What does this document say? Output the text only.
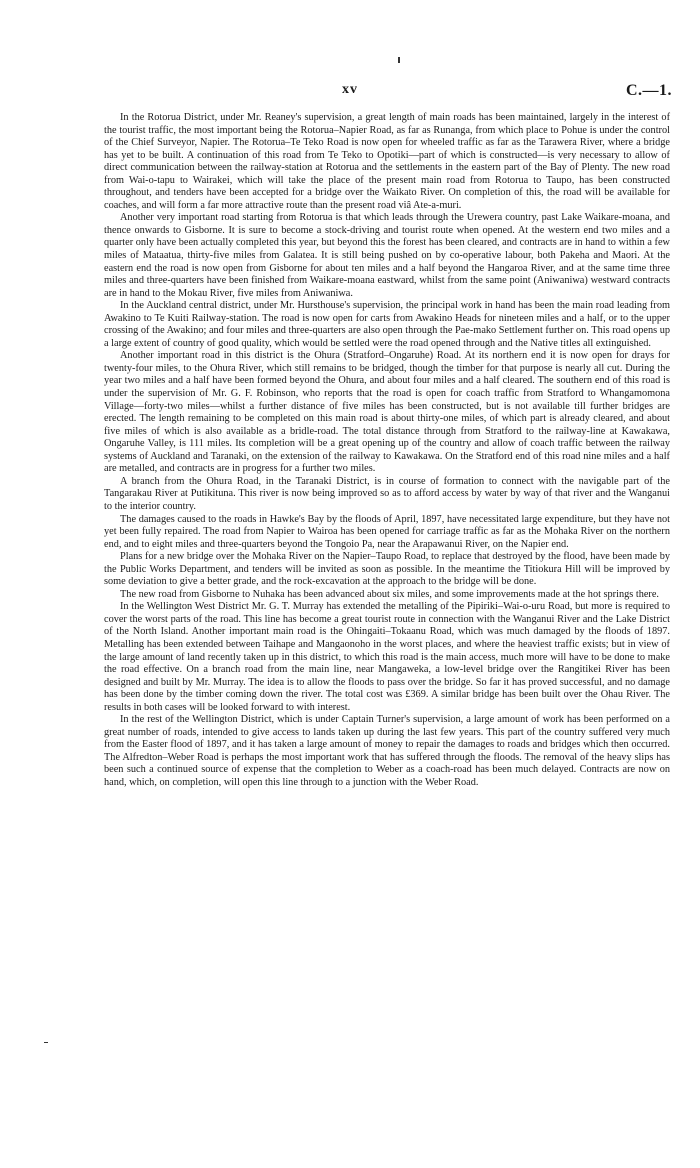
xv	C.—1.

In the Rotorua District, under Mr. Reaney's supervision, a great length of main roads has been maintained, largely in the interest of the tourist traffic, the most important being the Rotorua–Napier Road, as far as Runanga, from which place to Pohue is under the control of the Chief Surveyor, Napier. The Rotorua–Te Teko Road is now open for wheeled traffic as far as the Tarawera River, where a bridge has yet to be built. A continuation of this road from Te Teko to Opotiki—part of which is constructed—is very necessary to allow of direct communication between the railway-station at Rotorua and the settlements in the eastern part of the Bay of Plenty. The new road from Wai-o-tapu to Wairakei, which will take the place of the present main road from Rotorua to Taupo, has been constructed throughout, and tenders have been accepted for a bridge over the Waikato River. On completion of this, the road will be available for coaches, and will form a far more attractive route than the present road viâ Ate-a-muri.

Another very important road starting from Rotorua is that which leads through the Urewera country, past Lake Waikare-moana, and thence onwards to Gisborne. It is sure to become a stock-driving and tourist route when opened. At the western end two miles and a quarter only have been actually completed this year, but beyond this the forest has been cleared, and contracts are in hand to within a few miles of Mataatua, thirty-five miles from Galatea. It is still being pushed on by co-operative labour, both Pakeha and Maori. At the eastern end the road is now open from Gisborne for about ten miles and a half beyond the Hangaroa River, and at the same time three miles and three-quarters have been finished from Waikare-moana eastward, whilst from the same point (Aniwaniwa) westward contracts are in hand to the Mokau River, five miles from Aniwaniwa.

In the Auckland central district, under Mr. Hursthouse's supervision, the principal work in hand has been the main road leading from Awakino to Te Kuiti Railway-station. The road is now open for carts from Awakino Heads for nineteen miles and a half, or to the upper crossing of the Awakino; and four miles and three-quarters are also open through the Pae-mako Settlement further on. This road opens up a large extent of country of good quality, which would be settled were the road opened through and the Native titles all extinguished.

Another important road in this district is the Ohura (Stratford–Ongaruhe) Road. At its northern end it is now open for drays for twenty-four miles, to the Ohura River, which still remains to be bridged, though the timber for that purpose is nearly all cut. During the year two miles and a half have been formed beyond the Ohura, and about four miles and a half cleared. The southern end of this road is under the supervision of Mr. G. F. Robinson, who reports that the road is open for coach traffic from Stratford to Whangamomona Village—forty-two miles—whilst a further distance of five miles has been constructed, but is not available till further bridges are erected. The length remaining to be completed on this main road is about thirty-one miles, of which part is already cleared, and about five miles of which is also available as a bridle-road. The total distance through from Stratford to the railway-line at Kawakawa, Ongaruhe Valley, is 111 miles. Its completion will be a great opening up of the country and allow of coach traffic between the railway systems of Auckland and Taranaki, on the extension of the railway to Kawakawa. On the Stratford end of this road nine miles and a half are metalled, and contracts are in progress for a further two miles.

A branch from the Ohura Road, in the Taranaki District, is in course of formation to connect with the navigable part of the Tangarakau River at Putikituna. This river is now being improved so as to afford access by water by way of that river and the Wanganui to the interior country.

The damages caused to the roads in Hawke's Bay by the floods of April, 1897, have necessitated large expenditure, but they have not yet been fully repaired. The road from Napier to Wairoa has been opened for carriage traffic as far as the Mohaka River on the northern end, and to eight miles and three-quarters beyond the Tongoio Pa, near the Arapawanui River, on the Napier end.

Plans for a new bridge over the Mohaka River on the Napier–Taupo Road, to replace that destroyed by the flood, have been made by the Public Works Department, and tenders will be invited as soon as possible. In the meantime the Titiokura Hill will be improved by some deviation to give a better grade, and the rock-excavation at the approach to the bridge will be done.

The new road from Gisborne to Nuhaka has been advanced about six miles, and some improvements made at the hot springs there.

In the Wellington West District Mr. G. T. Murray has extended the metalling of the Pipiriki–Wai-o-uru Road, but more is required to cover the worst parts of the road. This line has become a great tourist route in connection with the Wanganui River and the Lake District of the North Island. Another important main road is the Ohingaiti–Tokaanu Road, which was much damaged by the floods of 1897. Metalling has been extended between Taihape and Mangaonoho in the worst places, and where the heaviest traffic exists; but in view of the large amount of land recently taken up in this district, to which this road is the main access, much more will have to be done to make the road effective. On a branch road from the main line, near Mangaweka, a low-level bridge over the Rangitikei River has been designed and built by Mr. Murray. The idea is to allow the floods to pass over the bridge. So far it has proved successful, and no damage has been done by the timber coming down the river. The total cost was £369. A similar bridge has been built over the Ohau River. The results in both cases will be looked forward to with interest.

In the rest of the Wellington District, which is under Captain Turner's supervision, a large amount of work has been performed on a great number of roads, intended to give access to lands taken up during the last few years. This part of the country suffered very much from the Easter flood of 1897, and it has taken a large amount of money to repair the damages to roads and bridges which then occurred. The Alfredton–Weber Road is perhaps the most important work that has suffered through the floods. The removal of the heavy slips has been such a continued source of expense that the completion to Weber as a coach-road has been much delayed. Contracts are now on hand, which, on completion, will open this line through to a junction with the Weber Road.
